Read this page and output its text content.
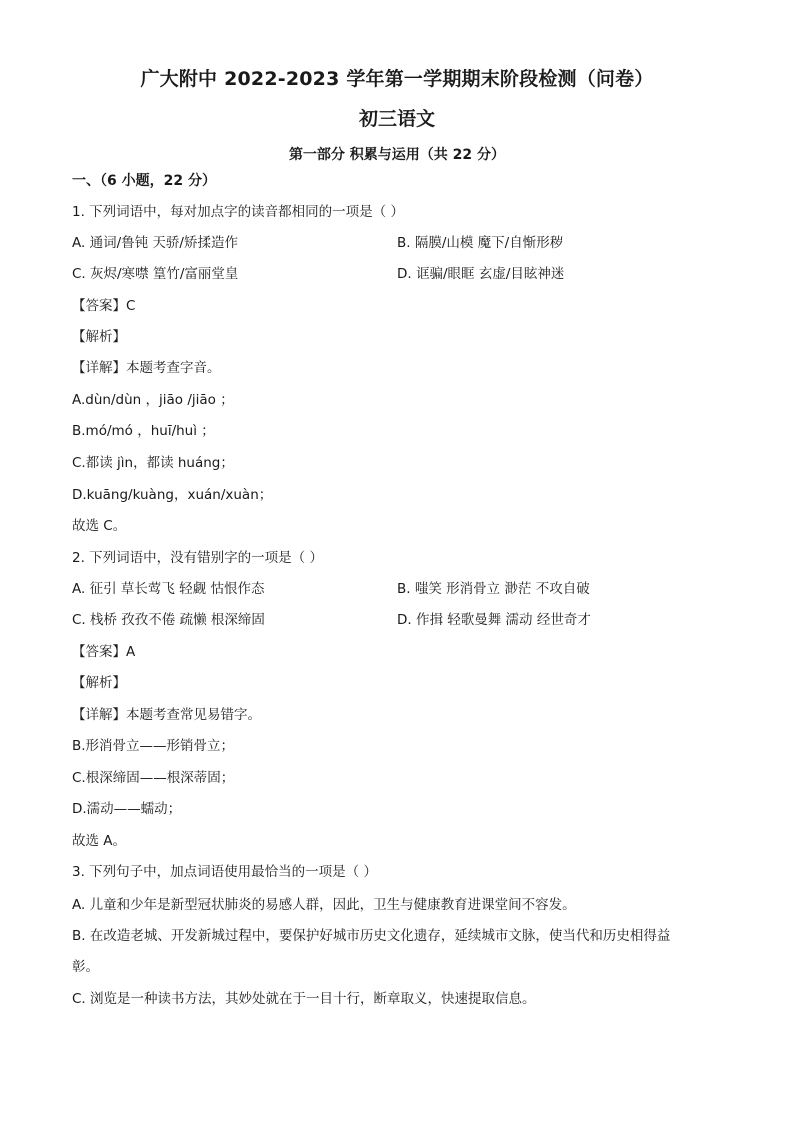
广大附中 2022-2023 学年第一学期期末阶段检测（问卷）
初三语文
第一部分 积累与运用（共 22 分）
一、（6 小题，22 分）
1. 下列词语中，每对加点字的读音都相同的一项是（ ）
A. 通词/鲁钝 天骄/矫揉造作	B. 隔膜/山模 魔下/自惭形秽
C. 灰烬/寒噤 篁竹/富丽堂皇	D. 诓骗/眼眶 玄虚/目眩神迷
【答案】C
【解析】
【详解】本题考查字音。
A.dùn/dùn ，jiāo /jiāo ；
B.mó/mó ，huī/huì ；
C.都读 jìn，都读 huáng；
D.kuāng/kuàng，xuán/xuàn；
故选 C。
2. 下列词语中，没有错别字的一项是（ ）
A. 征引 草长莺飞 轻觑 怙恨作态	B. 嗤笑 形消骨立 渺茫 不攻自破
C. 栈桥 孜孜不倦 疏懒 根深缔固	D. 作揖 轻歌曼舞 濡动 经世奇才
【答案】A
【解析】
【详解】本题考查常见易错字。
B.形消骨立——形销骨立；
C.根深缔固——根深蒂固；
D.濡动——蠕动；
故选 A。
3. 下列句子中，加点词语使用最恰当的一项是（ ）
A. 儿童和少年是新型冠状肺炎的易感人群，因此，卫生与健康教育进课堂间不容发。
B. 在改造老城、开发新城过程中，要保护好城市历史文化遗存，延续城市文脉，使当代和历史相得益
彰。
C. 浏览是一种读书方法，其妙处就在于一目十行，断章取义，快速提取信息。
